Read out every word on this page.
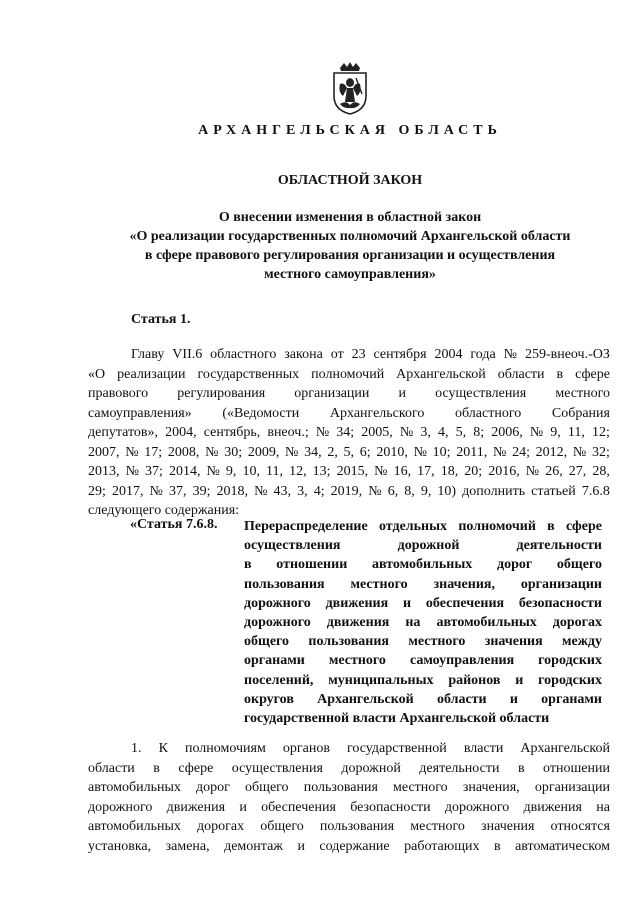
АРХАНГЕЛЬСКАЯ ОБЛАСТЬ
ОБЛАСТНОЙ ЗАКОН
О внесении изменения в областной закон
«О реализации государственных полномочий Архангельской области
в сфере правового регулирования организации и осуществления
местного самоуправления»
Статья 1.
Главу VII.6 областного закона от 23 сентября 2004 года № 259-внеоч.-ОЗ
«О реализации государственных полномочий Архангельской области в сфере
правового регулирования организации и осуществления местного
самоуправления» («Ведомости Архангельского областного Собрания
депутатов», 2004, сентябрь, внеоч.; № 34; 2005, № 3, 4, 5, 8; 2006, № 9, 11, 12;
2007, № 17; 2008, № 30; 2009, № 34, 2, 5, 6; 2010, № 10; 2011, № 24; 2012, № 32;
2013, № 37; 2014, № 9, 10, 11, 12, 13; 2015, № 16, 17, 18, 20; 2016, № 26, 27, 28,
29; 2017, № 37, 39; 2018, № 43, 3, 4; 2019, № 6, 8, 9, 10) дополнить статьей 7.6.8
следующего содержания:
«Статья 7.6.8. Перераспределение отдельных полномочий в сфере
осуществления	дорожной	деятельности
в отношении автомобильных дорог общего
пользования местного значения, организации
дорожного движения и обеспечения безопасности
дорожного движения на автомобильных дорогах
общего пользования местного значения между
органами местного самоуправления городских
поселений, муниципальных районов и городских
округов Архангельской области и органами
государственной власти Архангельской области
1. К полномочиям органов государственной власти Архангельской
области в сфере осуществления дорожной деятельности в отношении
автомобильных дорог общего пользования местного значения, организации
дорожного движения и обеспечения безопасности дорожного движения на
автомобильных дорогах общего пользования местного значения относятся
установка, замена, демонтаж и содержание работающих в автоматическом
